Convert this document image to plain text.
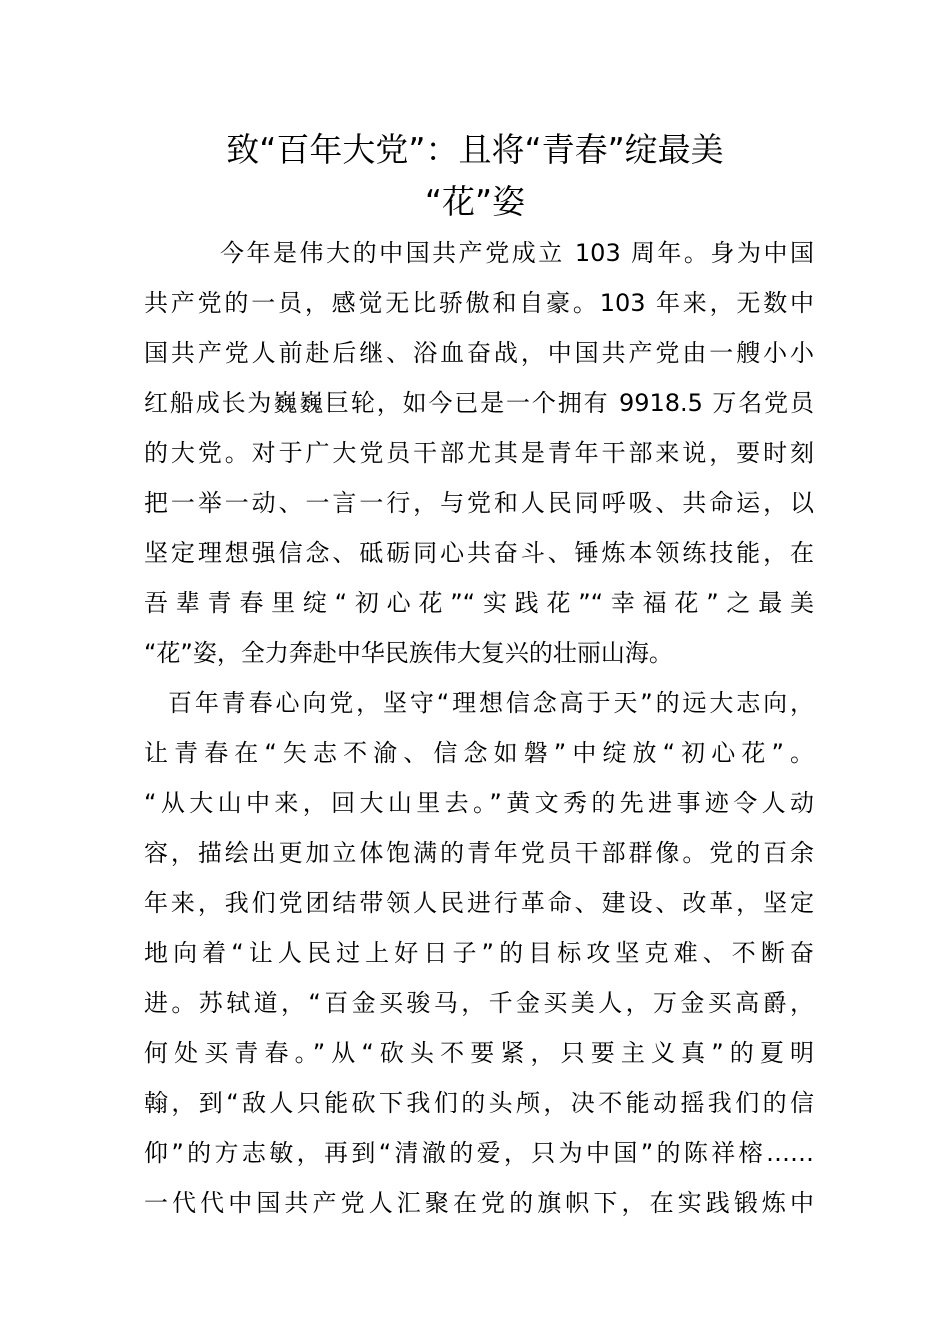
致“百年大党”：且将“青春”绽最美
“花”姿
今年是伟大的中国共产党成立 103 周年。身为中国
共产党的一员，感觉无比骄傲和自豪。103 年来，无数中
国共产党人前赴后继、浴血奋战，中国共产党由一艘小小
红船成长为巍巍巨轮，如今已是一个拥有 9918.5 万名党员
的大党。对于广大党员干部尤其是青年干部来说，要时刻
把一举一动、一言一行，与党和人民同呼吸、共命运，以
坚定理想强信念、砥砺同心共奋斗、锤炼本领练技能，在
吾辈青春里绽“初心花”“实践花”“幸福花”之最美
“花”姿，全力奔赴中华民族伟大复兴的壮丽山海。
百年青春心向党，坚守“理想信念高于天”的远大志向，
让青春在“矢志不渝、信念如磐”中绽放“初心花”。
“从大山中来，回大山里去。”黄文秀的先进事迹令人动
容，描绘出更加立体饱满的青年党员干部群像。党的百余
年来，我们党团结带领人民进行革命、建设、改革，坚定
地向着“让人民过上好日子”的目标攻坚克难、不断奋
进。苏轼道，“百金买骏马，千金买美人，万金买高爵，
何处买青春。”从“砍头不要紧，只要主义真”的夏明
翰，到“敌人只能砍下我们的头颅，决不能动摇我们的信
仰”的方志敏，再到“清澈的爱，只为中国”的陈祥榕……
一代代中国共产党人汇聚在党的旗帜下，在实践锻炼中
